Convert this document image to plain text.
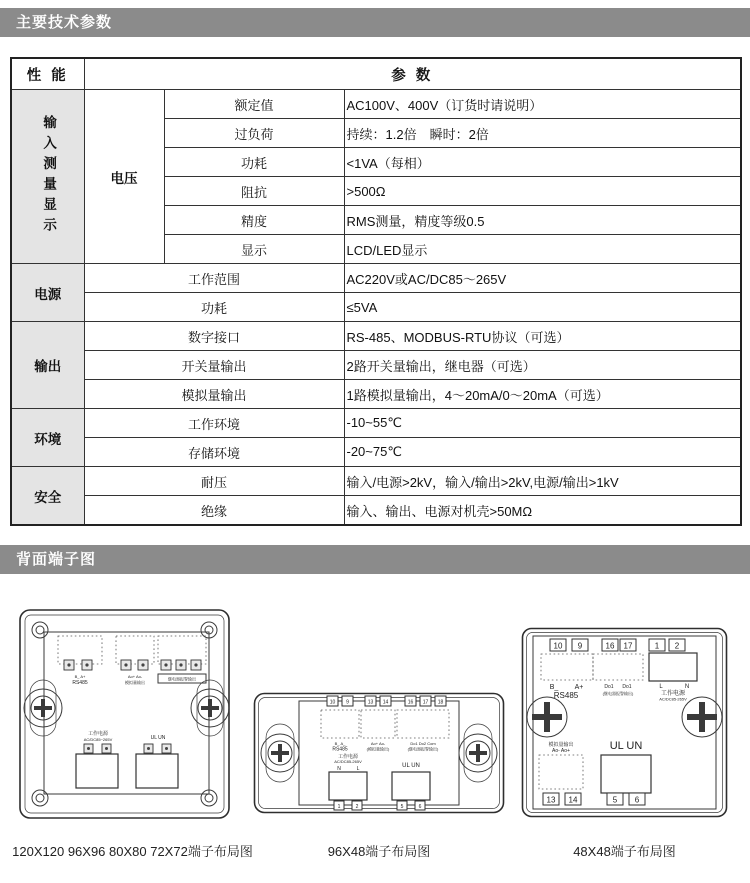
主要技术参数
性 能	参 数		

输入测量显示	电压	额定值	AC100V、400V（订货时请说明）
		过负荷	持续：1.2倍　瞬时：2倍
		功耗	<1VA（每相）
		阻抗	>500Ω
		精度	RMS测量，精度等级0.5
		显示	LCD/LED显示
电源	工作范围		AC220V或AC/DC85～265V
	功耗		≤5VA
输出	数字接口		RS-485、MODBUS-RTU协议（可选）
	开关量输出		2路开关量输出，继电器（可选）
	模拟量输出		1路模拟量输出，4～20mA/0～20mA（可选）
环境	工作环境		-10~55℃
	存储环境		-20~75℃
安全	耐压		输入/电源>2kV，输入/输出>2kV,电源/输出>1kV
	绝缘		输入、输出、电源对机壳>50MΩ
背面端子图
B_ A+
RS485
Ao+ Ao-
模拟量输出
继电器报警输出
工作电源
AC/DC85~265V	UL UN
10 9	13 14	16 17 18
B_ A_
RS485
Ao+ Ao-
(模拟量输出)
Do1 Do2 Com
(继电器报警输出)
工作电源
AC/DC85-265V
N	L
1	2
UL UN
5	6
10 9	16 17	1 2
B_ A+
RS485
Do1 Do1
(继电器报警输出)
L	N
工作电源
AC/DC85-265V
模拟量输出
Ao- Ao+
13 14
UL UN
5 6
120X120 96X96 80X80 72X72端子布局图	96X48端子布局图	48X48端子布局图
